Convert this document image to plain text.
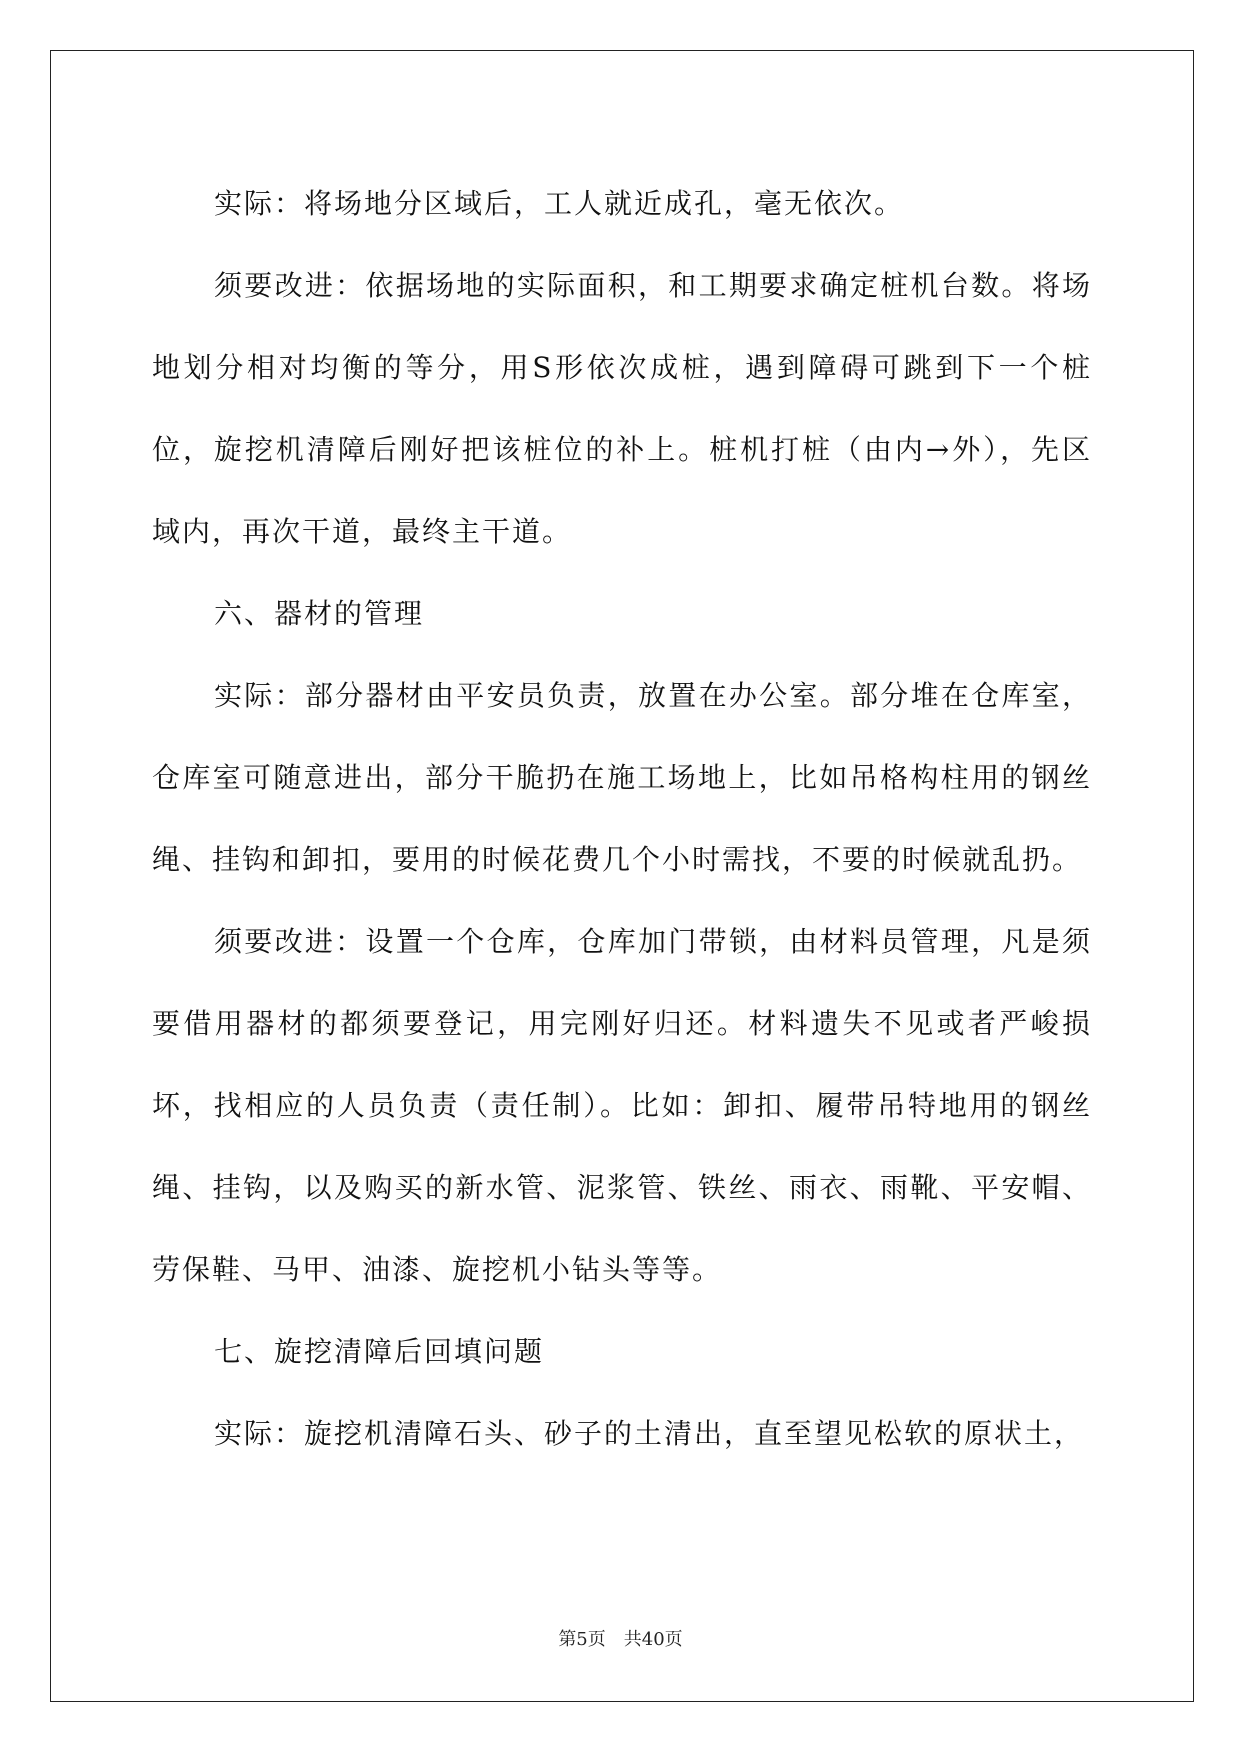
实际：将场地分区域后，工人就近成孔，毫无依次。

须要改进：依据场地的实际面积，和工期要求确定桩机台数。将场地划分相对均衡的等分，用S形依次成桩，遇到障碍可跳到下一个桩位，旋挖机清障后刚好把该桩位的补上。桩机打桩（由内→外），先区域内，再次干道，最终主干道。

六、器材的管理

实际：部分器材由平安员负责，放置在办公室。部分堆在仓库室，仓库室可随意进出，部分干脆扔在施工场地上，比如吊格构柱用的钢丝绳、挂钩和卸扣，要用的时候花费几个小时需找，不要的时候就乱扔。

须要改进：设置一个仓库，仓库加门带锁，由材料员管理，凡是须要借用器材的都须要登记，用完刚好归还。材料遗失不见或者严峻损坏，找相应的人员负责（责任制）。比如：卸扣、履带吊特地用的钢丝绳、挂钩，以及购买的新水管、泥浆管、铁丝、雨衣、雨靴、平安帽、劳保鞋、马甲、油漆、旋挖机小钻头等等。

七、旋挖清障后回填问题

实际：旋挖机清障石头、砂子的土清出，直至望见松软的原状土，

第5页 共40页
